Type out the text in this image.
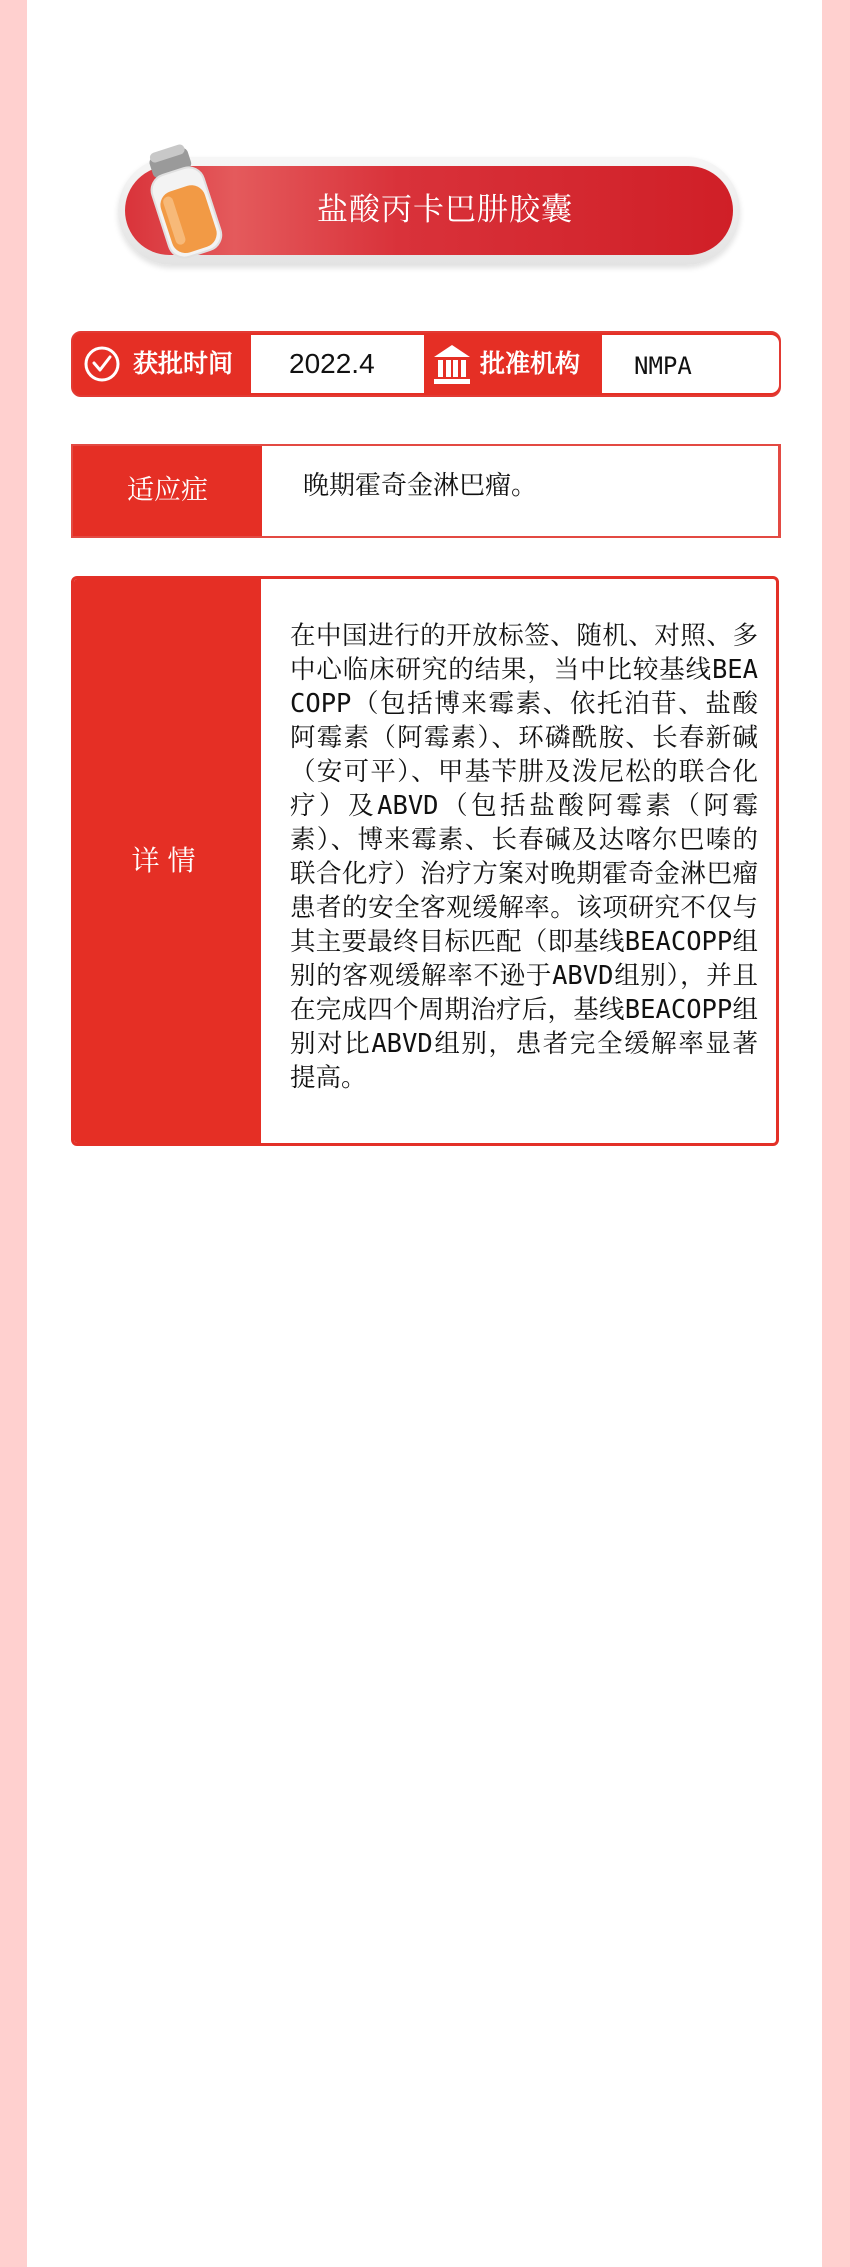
盐酸丙卡巴肼胶囊
获批时间 2022.4	批准机构 NMPA
适应症	晚期霍奇金淋巴瘤。
详情
在中国进行的开放标签、随机、对照、多中心临床研究的结果，当中比较基线BEACOPP（包括博来霉素、依托泊苷、盐酸阿霉素（阿霉素）、环磷酰胺、长春新碱（安可平）、甲基苄肼及泼尼松的联合化疗）及ABVD（包括盐酸阿霉素（阿霉素）、博来霉素、长春碱及达喀尔巴嗪的联合化疗）治疗方案对晚期霍奇金淋巴瘤患者的安全客观缓解率。该项研究不仅与其主要最终目标匹配（即基线BEACOPP组别的客观缓解率不逊于ABVD组别），并且在完成四个周期治疗后，基线BEACOPP组别对比ABVD组别，患者完全缓解率显著提高。
